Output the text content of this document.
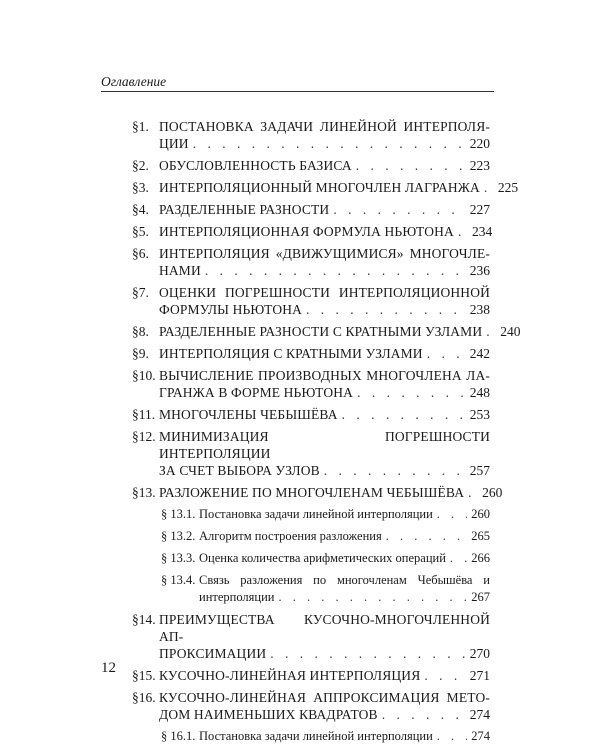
Оглавление
§1. ПОСТАНОВКА ЗАДАЧИ ЛИНЕЙНОЙ ИНТЕРПОЛЯ-
ЦИИ . . .	220
§2. ОБУСЛОВЛЕННОСТЬ БАЗИСА . . .	223
§3. ИНТЕРПОЛЯЦИОННЫЙ МНОГОЧЛЕН ЛАГРАНЖА . . . 225
§4. РАЗДЕЛЕННЫЕ РАЗНОСТИ . . .	227
§5. ИНТЕРПОЛЯЦИОННАЯ ФОРМУЛА НЬЮТОНА . . . 234
§6. ИНТЕРПОЛЯЦИЯ «ДВИЖУЩИМИСЯ» МНОГОЧЛЕ-
НАМИ . . .	236
§7. ОЦЕНКИ ПОГРЕШНОСТИ ИНТЕРПОЛЯЦИОННОЙ
ФОРМУЛЫ НЬЮТОНА . . .	238
§8. РАЗДЕЛЕННЫЕ РАЗНОСТИ С КРАТНЫМИ УЗЛАМИ . . . 240
§9. ИНТЕРПОЛЯЦИЯ С КРАТНЫМИ УЗЛАМИ . . .	242
§10. ВЫЧИСЛЕНИЕ ПРОИЗВОДНЫХ МНОГОЧЛЕНА ЛА-
ГРАНЖА В ФОРМЕ НЬЮТОНА . . .	248
§11. МНОГОЧЛЕНЫ ЧЕБЫШЁВА . . .	253
§12. МИНИМИЗАЦИЯ ПОГРЕШНОСТИ ИНТЕРПОЛЯЦИИ
ЗА СЧЕТ ВЫБОРА УЗЛОВ . . .	257
§13. РАЗЛОЖЕНИЕ ПО МНОГОЧЛЕНАМ ЧЕБЫШЁВА . . . 260
§ 13.1. Постановка задачи линейной интерполяции . . .	260
§ 13.2. Алгоритм построения разложения . . .	265
§ 13.3. Оценка количества арифметических операций . . . 266
§ 13.4. Связь разложения по многочленам Чебышёва и
интерполяции . . .	267
§14. ПРЕИМУЩЕСТВА КУСОЧНО-МНОГОЧЛЕННОЙ АП-
ПРОКСИМАЦИИ . . .	270
§15. КУСОЧНО-ЛИНЕЙНАЯ ИНТЕРПОЛЯЦИЯ . . .	271
§16. КУСОЧНО-ЛИНЕЙНАЯ АППРОКСИМАЦИЯ МЕТО-
ДОМ НАИМЕНЬШИХ КВАДРАТОВ . . .	274
§ 16.1. Постановка задачи линейной интерполяции . . .	274
12
